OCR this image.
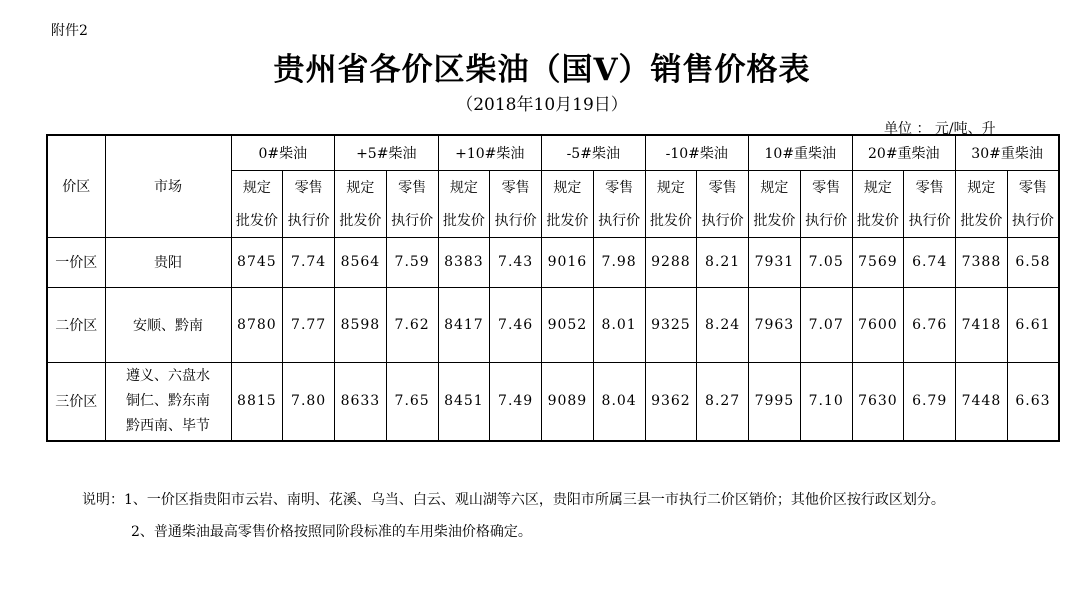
附件2
贵州省各价区柴油（国Ⅴ）销售价格表
（2018年10月19日）
单位 ： 元/吨、升
价区	市场	0#柴油		+5#柴油		+10#柴油		-5#柴油		-10#柴油		10#重柴油		20#重柴油		30#重柴油	
		规定	零售	规定	零售	规定	零售	规定	零售	规定	零售	规定	零售	规定	零售	规定	零售
		批发价	执行价	批发价	执行价	批发价	执行价	批发价	执行价	批发价	执行价	批发价	执行价	批发价	执行价	批发价	执行价
一价区	贵阳	8745	7.74	8564	7.59	8383	7.43	9016	7.98	9288	8.21	7931	7.05	7569	6.74	7388	6.58
二价区	安顺、黔南	8780	7.77	8598	7.62	8417	7.46	9052	8.01	9325	8.24	7963	7.07	7600	6.76	7418	6.61
三价区	遵义、六盘水
铜仁、黔东南
黔西南、毕节	8815	7.80	8633	7.65	8451	7.49	9089	8.04	9362	8.27	7995	7.10	7630	6.79	7448	6.63

说明：1、一价区指贵阳市云岩、南明、花溪、乌当、白云、观山湖等六区，贵阳市所属三县一市执行二价区销价；其他价区按行政区划分。

2、普通柴油最高零售价格按照同阶段标准的车用柴油价格确定。
